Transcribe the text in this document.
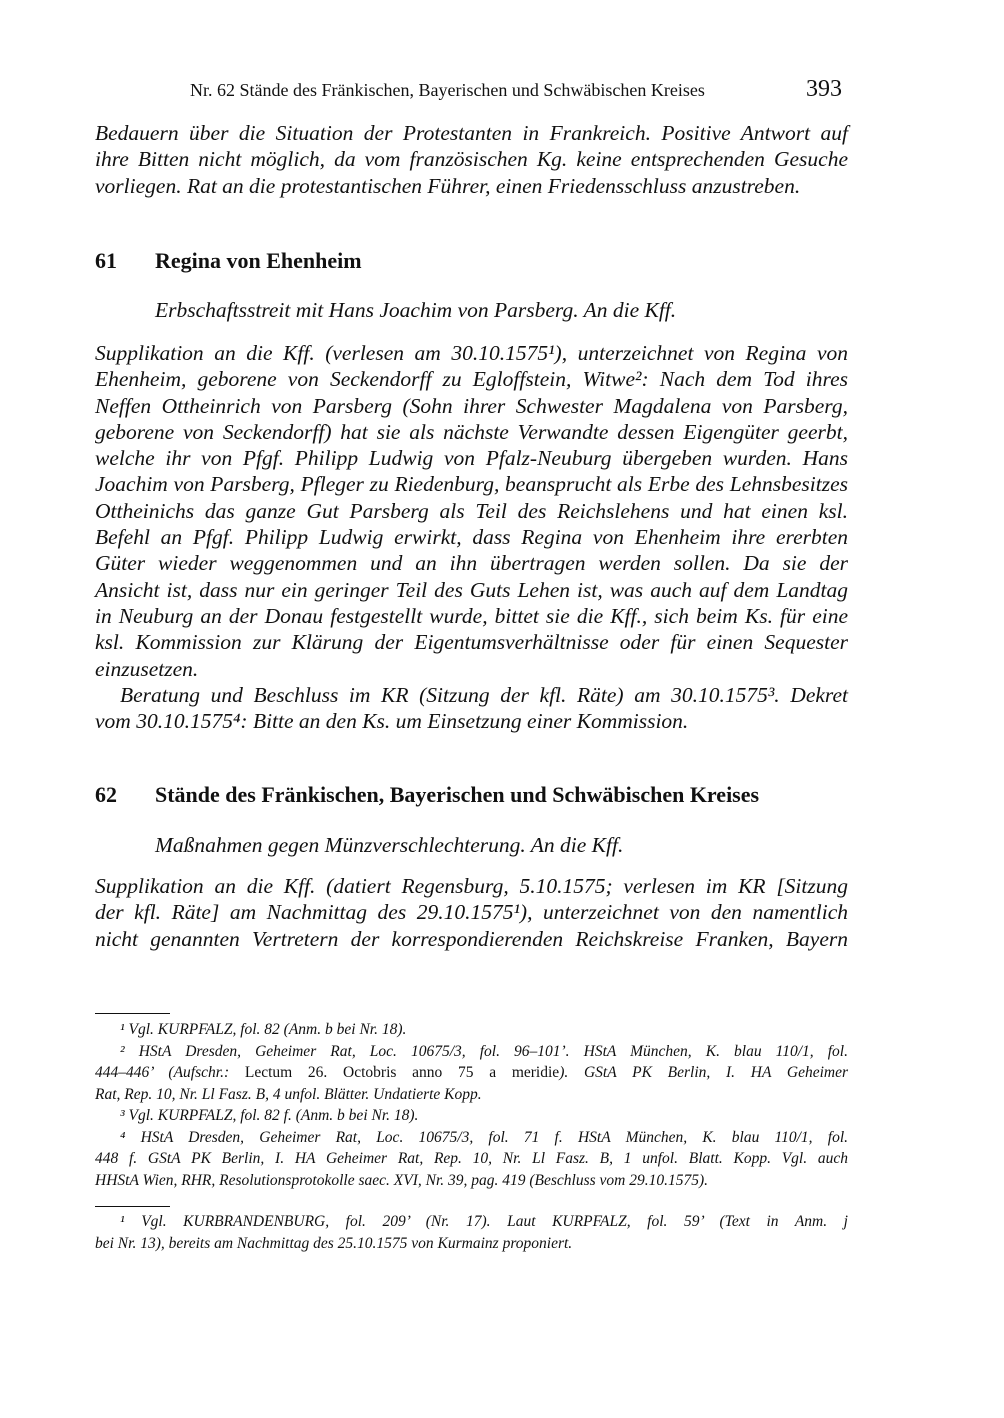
Nr. 62 Stände des Fränkischen, Bayerischen und Schwäbischen Kreises	393
Bedauern über die Situation der Protestanten in Frankreich. Positive Antwort auf
ihre Bitten nicht möglich, da vom französischen Kg. keine entsprechenden Gesuche
vorliegen. Rat an die protestantischen Führer, einen Friedensschluss anzustreben.
61 Regina von Ehenheim
Erbschaftsstreit mit Hans Joachim von Parsberg. An die Kff.
Supplikation an die Kff. (verlesen am 30.10.1575¹), unterzeichnet von Regina von
Ehenheim, geborene von Seckendorff zu Egloffstein, Witwe²: Nach dem Tod ihres
Neffen Ottheinrich von Parsberg (Sohn ihrer Schwester Magdalena von Parsberg,
geborene von Seckendorff) hat sie als nächste Verwandte dessen Eigengüter geerbt,
welche ihr von Pfgf. Philipp Ludwig von Pfalz-Neuburg übergeben wurden. Hans
Joachim von Parsberg, Pfleger zu Riedenburg, beansprucht als Erbe des Lehnsbesitzes
Ottheinichs das ganze Gut Parsberg als Teil des Reichslehens und hat einen ksl.
Befehl an Pfgf. Philipp Ludwig erwirkt, dass Regina von Ehenheim ihre ererbten
Güter wieder weggenommen und an ihn übertragen werden sollen. Da sie der
Ansicht ist, dass nur ein geringer Teil des Guts Lehen ist, was auch auf dem Landtag
in Neuburg an der Donau festgestellt wurde, bittet sie die Kff., sich beim Ks. für eine
ksl. Kommission zur Klärung der Eigentumsverhältnisse oder für einen Sequester
einzusetzen.
Beratung und Beschluss im KR (Sitzung der kfl. Räte) am 30.10.1575³. Dekret
vom 30.10.1575⁴: Bitte an den Ks. um Einsetzung einer Kommission.
62 Stände des Fränkischen, Bayerischen und Schwäbischen Kreises
Maßnahmen gegen Münzverschlechterung. An die Kff.
Supplikation an die Kff. (datiert Regensburg, 5.10.1575; verlesen im KR [Sitzung
der kfl. Räte] am Nachmittag des 29.10.1575¹), unterzeichnet von den namentlich
nicht genannten Vertretern der korrespondierenden Reichskreise Franken, Bayern
¹ Vgl. KURPFALZ, fol. 82 (Anm. b bei Nr. 18).
² HStA Dresden, Geheimer Rat, Loc. 10675/3, fol. 96–101’. HStA München, K. blau 110/1, fol.
444–446’ (Aufschr.: Lectum 26. Octobris anno 75 a meridie). GStA PK Berlin, I. HA Geheimer
Rat, Rep. 10, Nr. Ll Fasz. B, 4 unfol. Blätter. Undatierte Kopp.
³ Vgl. KURPFALZ, fol. 82 f. (Anm. b bei Nr. 18).
⁴ HStA Dresden, Geheimer Rat, Loc. 10675/3, fol. 71 f. HStA München, K. blau 110/1, fol.
448 f. GStA PK Berlin, I. HA Geheimer Rat, Rep. 10, Nr. Ll Fasz. B, 1 unfol. Blatt. Kopp. Vgl. auch
HHStA Wien, RHR, Resolutionsprotokolle saec. XVI, Nr. 39, pag. 419 (Beschluss vom 29.10.1575).
¹ Vgl. KURBRANDENBURG, fol. 209’ (Nr. 17). Laut KURPFALZ, fol. 59’ (Text in Anm. j
bei Nr. 13), bereits am Nachmittag des 25.10.1575 von Kurmainz proponiert.
